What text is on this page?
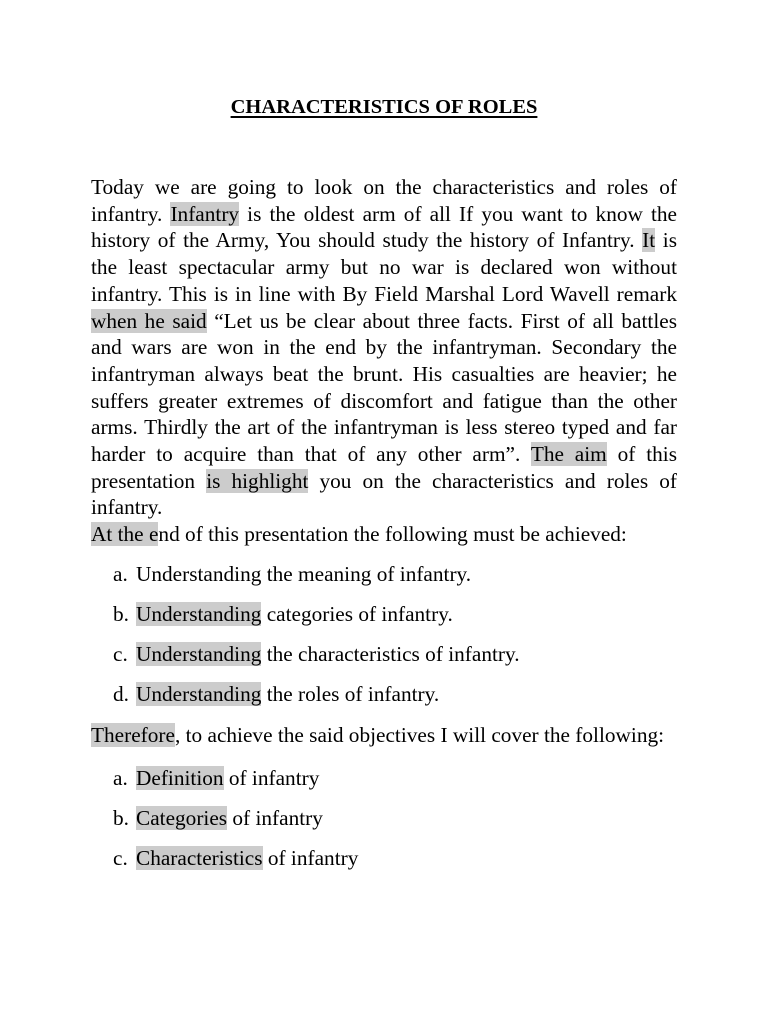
CHARACTERISTICS OF ROLES

Today we are going to look on the characteristics and roles of infantry. Infantry is the oldest arm of all If you want to know the history of the Army, You should study the history of Infantry. It is the least spectacular army but no war is declared won without infantry. This is in line with By Field Marshal Lord Wavell remark when he said “Let us be clear about three facts. First of all battles and wars are won in the end by the infantryman. Secondary the infantryman always beat the brunt. His casualties are heavier; he suffers greater extremes of discomfort and fatigue than the other arms. Thirdly the art of the infantryman is less stereo typed and far harder to acquire than that of any other arm”. The aim of this presentation is highlight you on the characteristics and roles of infantry.

At the end of this presentation the following must be achieved:

a. Understanding the meaning of infantry.
b. Understanding categories of infantry.
c. Understanding the characteristics of infantry.
d. Understanding the roles of infantry.

Therefore, to achieve the said objectives I will cover the following:

a. Definition of infantry
b. Categories of infantry
c. Characteristics of infantry
